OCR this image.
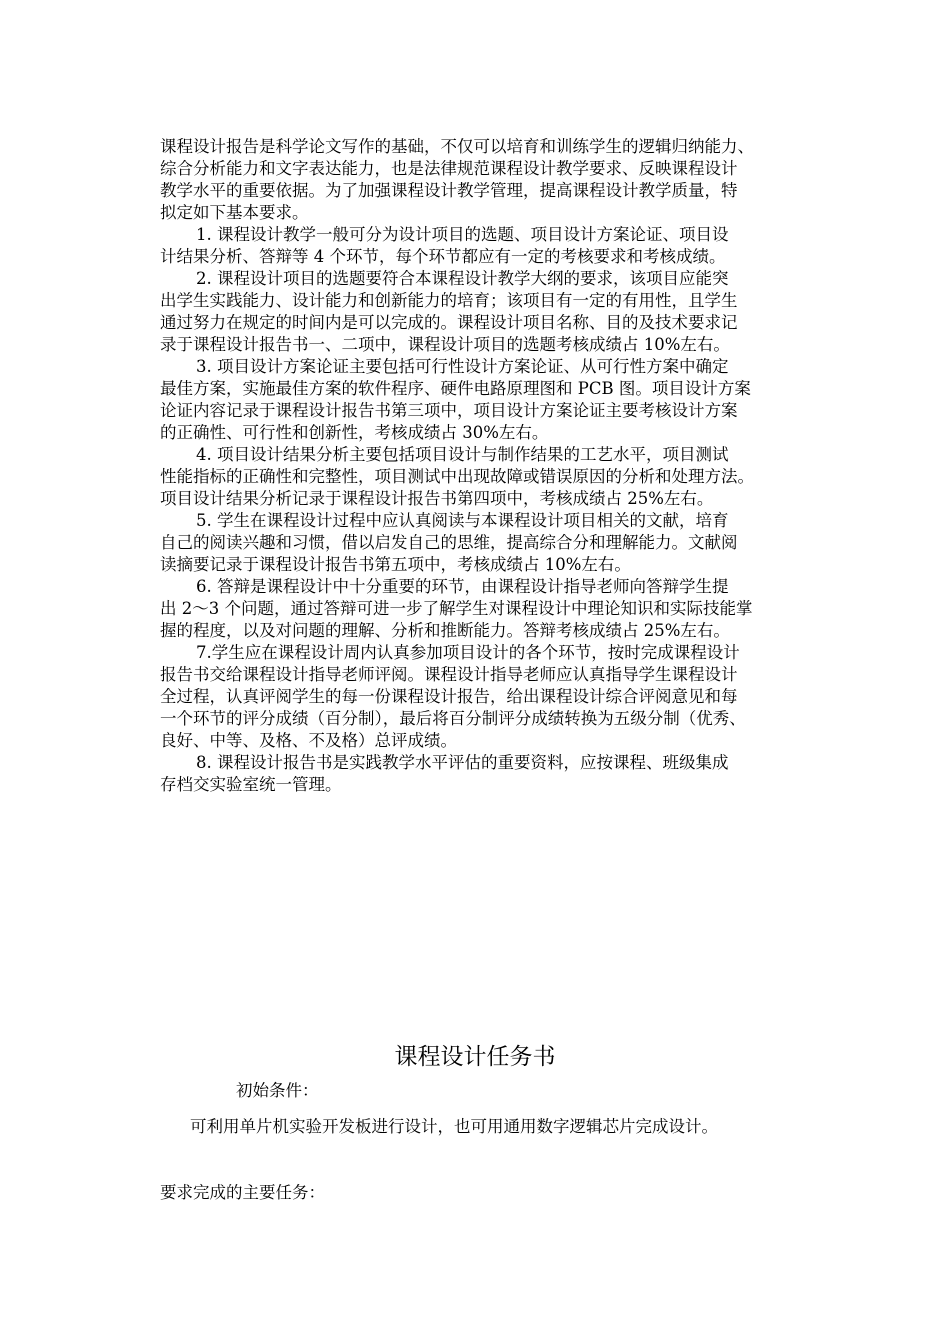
课程设计报告是科学论文写作的基础，不仅可以培育和训练学生的逻辑归纳能力、
综合分析能力和文字表达能力，也是法律规范课程设计教学要求、反映课程设计
教学水平的重要依据。为了加强课程设计教学管理，提高课程设计教学质量，特
拟定如下基本要求。
1. 课程设计教学一般可分为设计项目的选题、项目设计方案论证、项目设
计结果分析、答辩等 4 个环节，每个环节都应有一定的考核要求和考核成绩。
2. 课程设计项目的选题要符合本课程设计教学大纲的要求，该项目应能突
出学生实践能力、设计能力和创新能力的培育；该项目有一定的有用性，且学生
通过努力在规定的时间内是可以完成的。课程设计项目名称、目的及技术要求记
录于课程设计报告书一、二项中，课程设计项目的选题考核成绩占 10%左右。
3. 项目设计方案论证主要包括可行性设计方案论证、从可行性方案中确定
最佳方案，实施最佳方案的软件程序、硬件电路原理图和 PCB 图。项目设计方案
论证内容记录于课程设计报告书第三项中，项目设计方案论证主要考核设计方案
的正确性、可行性和创新性，考核成绩占 30%左右。
4. 项目设计结果分析主要包括项目设计与制作结果的工艺水平，项目测试
性能指标的正确性和完整性，项目测试中出现故障或错误原因的分析和处理方法。
项目设计结果分析记录于课程设计报告书第四项中，考核成绩占 25%左右。
5. 学生在课程设计过程中应认真阅读与本课程设计项目相关的文献，培育
自己的阅读兴趣和习惯，借以启发自己的思维，提高综合分和理解能力。文献阅
读摘要记录于课程设计报告书第五项中，考核成绩占 10%左右。
6. 答辩是课程设计中十分重要的环节，由课程设计指导老师向答辩学生提
出 2～3 个问题，通过答辩可进一步了解学生对课程设计中理论知识和实际技能掌
握的程度，以及对问题的理解、分析和推断能力。答辩考核成绩占 25%左右。
7.学生应在课程设计周内认真参加项目设计的各个环节，按时完成课程设计
报告书交给课程设计指导老师评阅。课程设计指导老师应认真指导学生课程设计
全过程，认真评阅学生的每一份课程设计报告，给出课程设计综合评阅意见和每
一个环节的评分成绩（百分制），最后将百分制评分成绩转换为五级分制（优秀、
良好、中等、及格、不及格）总评成绩。
8. 课程设计报告书是实践教学水平评估的重要资料，应按课程、班级集成
存档交实验室统一管理。
课程设计任务书
初始条件：
可利用单片机实验开发板进行设计，也可用通用数字逻辑芯片完成设计。
要求完成的主要任务：
